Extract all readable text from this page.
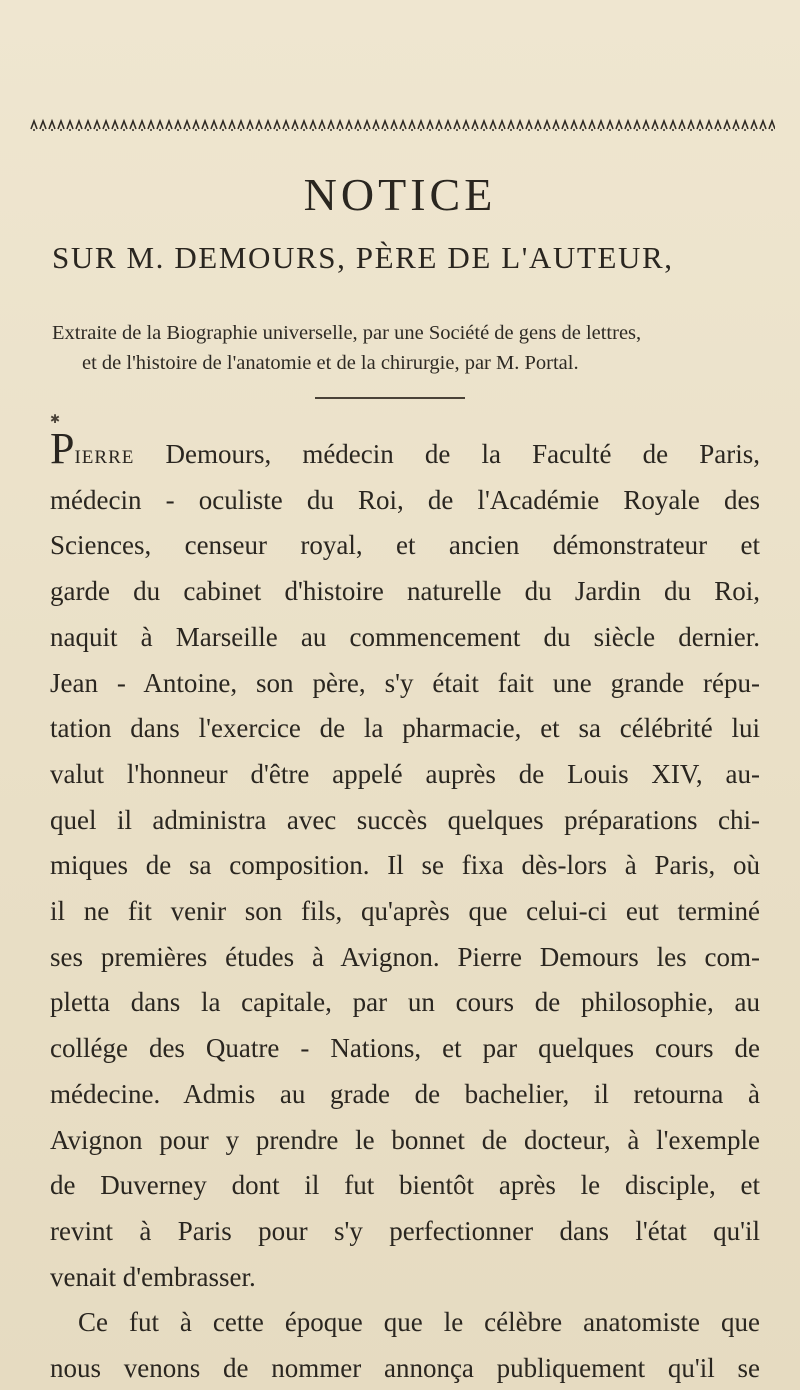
NOTICE
SUR M. DEMOURS, PÈRE DE L'AUTEUR,
Extraite de la Biographie universelle, par une Société de gens de lettres,
et de l'histoire de l'anatomie et de la chirurgie, par M. Portal.
✱
Pierre Demours, médecin de la Faculté de Paris,
médecin - oculiste du Roi, de l'Académie Royale des
Sciences, censeur royal, et ancien démonstrateur et
garde du cabinet d'histoire naturelle du Jardin du Roi,
naquit à Marseille au commencement du siècle dernier.
Jean - Antoine, son père, s'y était fait une grande répu-
tation dans l'exercice de la pharmacie, et sa célébrité lui
valut l'honneur d'être appelé auprès de Louis XIV, au-
quel il administra avec succès quelques préparations chi-
miques de sa composition. Il se fixa dès-lors à Paris, où
il ne fit venir son fils, qu'après que celui-ci eut terminé
ses premières études à Avignon. Pierre Demours les com-
pletta dans la capitale, par un cours de philosophie, au
collége des Quatre - Nations, et par quelques cours de
médecine. Admis au grade de bachelier, il retourna à
Avignon pour y prendre le bonnet de docteur, à l'exemple
de Duverney dont il fut bientôt après le disciple, et
revint à Paris pour s'y perfectionner dans l'état qu'il
venait d'embrasser.
Ce fut à cette époque que le célèbre anatomiste que
nous venons de nommer annonça publiquement qu'il se
